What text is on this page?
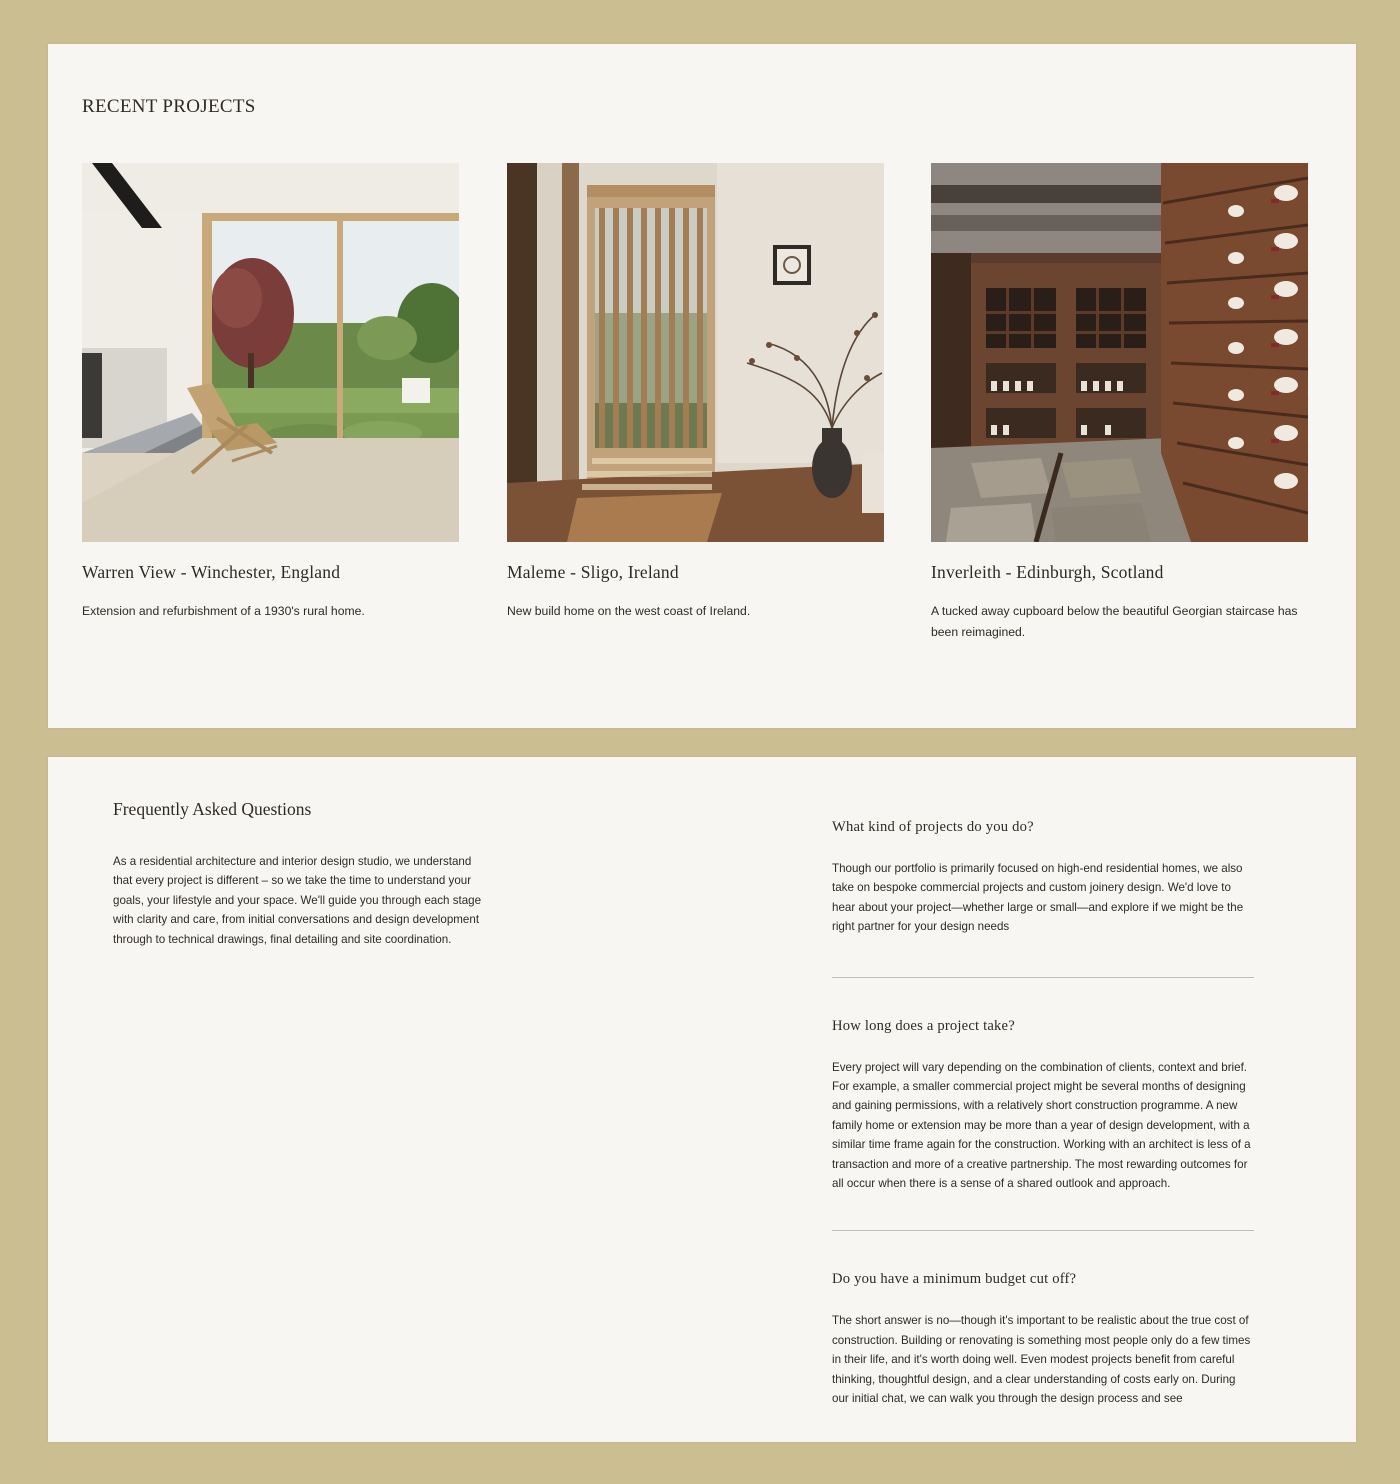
RECENT PROJECTS
Warren View - Winchester, England

Extension and refurbishment of a 1930's rural home.

Maleme - Sligo, Ireland

New build home on the west coast of Ireland.

Inverleith - Edinburgh, Scotland

A tucked away cupboard below the beautiful Georgian staircase has been reimagined.

Frequently Asked Questions

As a residential architecture and interior design studio, we understand that every project is different – so we take the time to understand your goals, your lifestyle and your space. We'll guide you through each stage with clarity and care, from initial conversations and design development through to technical drawings, final detailing and site coordination.

What kind of projects do you do?

Though our portfolio is primarily focused on high-end residential homes, we also take on bespoke commercial projects and custom joinery design. We'd love to hear about your project—whether large or small—and explore if we might be the right partner for your design needs

How long does a project take?

Every project will vary depending on the combination of clients, context and brief. For example, a smaller commercial project might be several months of designing and gaining permissions, with a relatively short construction programme. A new family home or extension may be more than a year of design development, with a similar time frame again for the construction. Working with an architect is less of a transaction and more of a creative partnership. The most rewarding outcomes for all occur when there is a sense of a shared outlook and approach.

Do you have a minimum budget cut off?

The short answer is no—though it's important to be realistic about the true cost of construction. Building or renovating is something most people only do a few times in their life, and it's worth doing well. Even modest projects benefit from careful thinking, thoughtful design, and a clear understanding of costs early on. During our initial chat, we can walk you through the design process and see
